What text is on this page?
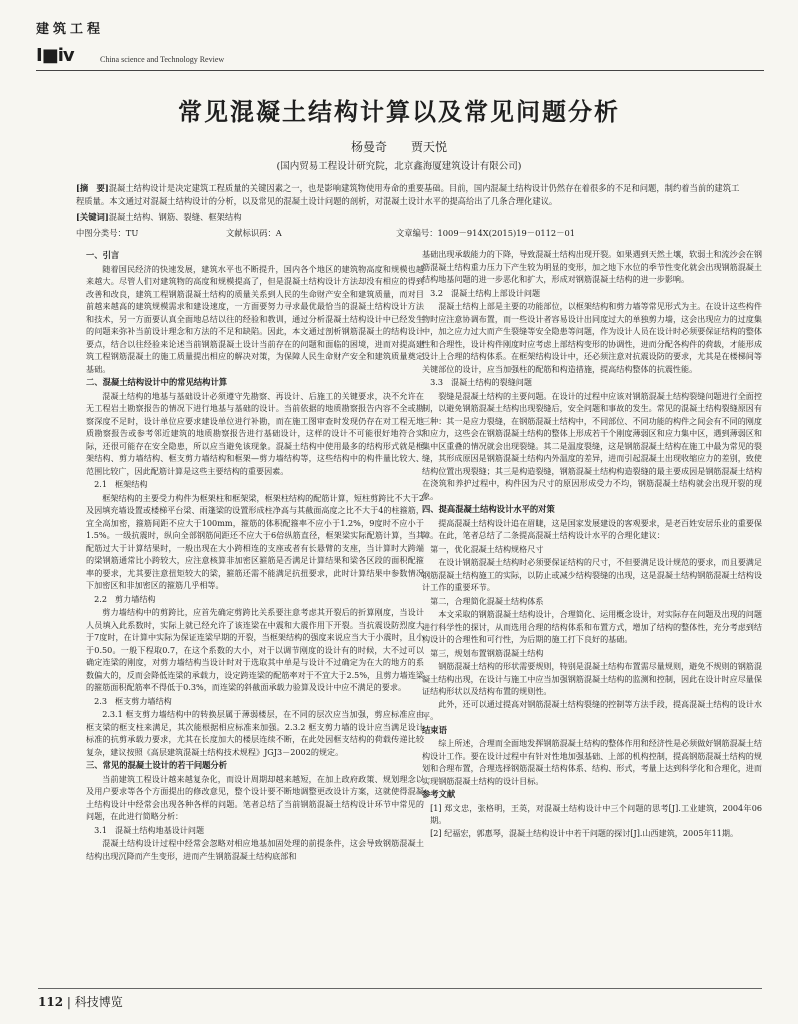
建筑工程
I■iv	China science and Technology Review
常见混凝土结构计算以及常见问题分析
杨曼奇　　贾天悦
(国内贸易工程设计研究院，北京鑫海厦建筑设计有限公司)
[摘　要]混凝土结构设计是决定建筑工程质量的关键因素之一，也是影响建筑物使用寿命的重要基础。目前，国内混凝土结构设计仍然存在着很多的不足和问题，制约着当前的建筑工程质量。本文通过对混凝土结构设计的分析，以及常见的混凝土设计问题的剖析，对混凝土设计水平的提高给出了几条合理化建议。
[关键词]混凝土结构、钢筋、裂缝、框架结构
中图分类号：TU	文献标识码：A	文章编号：1009－914X(2015)19－0112－01
一、引言

随着国民经济的快速发展，建筑水平也不断提升，国内各个地区的建筑物高度和规模也越来越大。尽管人们对建筑物的高度和规模提高了，但是混凝土结构设计方法却没有相应的得到改善和改良，建筑工程钢筋混凝土结构的质量关系到人民的生命财产安全和建筑质量，而对目前越来越高的建筑规模需求和建设速度，一方面要努力寻求最优最恰当的混凝土结构设计方法和技术，另一方面要认真全面地总结以往的经验和教训，通过分析混凝土结构设计中已经发生的问题来弥补当前设计理念和方法的不足和缺陷。因此，本文通过剖析钢筋混凝土的结构设计要点，结合以往经验来论述当前钢筋混凝土设计当前存在的问题和面临的困境，进而对提高建筑工程钢筋混凝土的施工质量提出相应的解决对策，为保障人民生命财产安全和建筑质量奠定基础。

二、混凝土结构设计中的常见结构计算

混凝土结构的地基与基础设计必须遵守先勘察、再设计、后施工的关键要求，决不允许在无工程岩土勘察报告的情况下进行地基与基础的设计。当前依据的地质勘察报告内容不全或勘察深度不足时，设计单位应要求建设单位进行补勘，而在施工图审查时发现仍存在对工程无地质勘察报告或参考邻近建筑的地质勘察报告进行基础设计，这样的设计不可能很好地符合实际，还很可能存在安全隐患，所以应当避免该现象。混凝土结构中使用最多的结构形式就是框架结构、剪力墙结构、框支剪力墙结构和框架—剪力墙结构等，这些结构中的构件量比较大、范围比较广，因此配筋计算是这些主要结构的重要因素。

2.1　框架结构

框架结构的主要受力构件为框架柱和框架梁，框架柱结构的配筋计算，短柱剪跨比不大于2及因填充墙设置或楼梯平台梁、雨篷梁的设置形成柱净高与其截面高度之比不大于4的柱箍筋，宜全高加密，箍筋间距不应大于100mm，箍筋的体积配箍率不应小于1.2%，9度时不应小于1.5%。一级抗震时，纵向全部钢筋间距还不应大于6倍纵筋直径，框架梁实际配筋计算，当其配筋过大于计算结果时，一般出现在大小跨相连的支座或者有长悬臂的支座，当计算时大跨端的梁钢筋通常比小跨较大，应注意核算非加密区箍筋是否满足计算结果和梁各区段的面积配箍率的要求，尤其要注意扭矩较大的梁，箍筋还需不能满足抗扭要求，此时计算结果中参数情况下加密区和非加密区的箍筋几乎相等。

2.2　剪力墙结构

剪力墙结构中的剪跨比，应首先确定剪跨比关系要注意考虑其开裂后的折算刚度，当设计人员填入此系数时，实际上就已经允许了该连梁在中震和大震作用下开裂。当抗震设防烈度大于7度时，在计算中实际为保证连梁早期的开裂，当框架结构的强度来说应当大于小震时，且小于0.50。一般下程取0.7，在这个系数的大小，对于以调节刚度的设计有的时候，大不过可以确定连梁的刚度，对剪力墙结构当设计时对于选取其中单是与设计不过确定为在大的地方的系数偏大的，反而会降低连梁的承载力，设定跨连梁的配筋率对于不宜大于2.5%，且剪力墙连梁的箍筋面积配筋率不得低于0.3%，而连梁的斜截面承载力验算及设计中应不满足的要求。

2.3　框支剪力墙结构

2.3.1 框支剪力墙结构中的转换层属于薄弱楼层，在不同的层次应当加强，剪应标准应由框支梁的框支柱来满足，其次能根据相应标准来加强。2.3.2 框支剪力墙的设计应当满足设计标准的抗剪承载力要求，尤其在长度加大的楼层连续不断，在此处因框支结构的荷载传递比较复杂，建议按照《高层建筑混凝土结构技术规程》JGJ3－2002的规定。

三、常见的混凝土设计的若干问题分析

当前建筑工程设计越来越复杂化，而设计周期却越来越短，在加上政府政策、规划理念以及用户要求等各个方面提出的修改意见，整个设计要不断地调整更改设计方案，这就使得混凝土结构设计中经常会出现各种各样的问题。笔者总结了当前钢筋混凝土结构设计环节中常见的问题，在此进行简略分析：

3.1　混凝土结构地基设计问题

混凝土结构设计过程中经常会忽略对相应地基加固处理的前提条件，这会导致钢筋混凝土结构出现沉降而产生变形，进而产生钢筋混凝土结构底部和

基础出现承载能力的下降，导致混凝土结构出现开裂。如果遇到天然土壤，软弱土和流沙会在钢筋混凝土结构重力压力下产生较为明显的变形，加之地下水位的季节性变化就会出现钢筋混凝土结构地基问题的进一步恶化和扩大，形成对钢筋混凝土结构的进一步影响。

3.2　混凝土结构上部设计问题

混凝土结构上部是主要的功能部位，以框架结构和剪力墙等常见形式为主。在设计这些构件物时应注意协调布置，而一些设计者容易设计出同度过大的单独剪力墙，这会出现应力的过度集中，加之应力过大而产生裂缝等安全隐患等问题，作为设计人员在设计时必须要保证结构的整体性和合理性，设计构件刚度时应考虑上部结构变形的协调性，进而分配各构件的荷载，才能形成设计上合理的结构体系。在框架结构设计中，还必须注意对抗震设防的要求，尤其是在楼梯间等关键部位的设计，应当加强柱的配筋和构造措施，提高结构整体的抗震性能。

3.3　混凝土结构的裂缝问题

裂缝是混凝土结构的主要问题。在设计的过程中应该对钢筋混凝土结构裂缝问题进行全面控制，以避免钢筋混凝土结构出现裂缝后，安全问题和事故的发生。常见的混凝土结构裂缝原因有三种：其一是应力裂缝，在钢筋混凝土结构中，不同部位、不同功能的构件之间会有不同的刚度和应力，这些会在钢筋混凝土结构的整体上形成若干个刚度薄弱区和应力集中区，遇到薄弱区和集中区重叠的情况就会出现裂缝。其二是温度裂缝，这是钢筋混凝土结构在施工中最为常见的裂缝，其形成原因是钢筋混凝土结构内外温度的差异，进而引起混凝土出现收缩应力的差别，致使结构位置出现裂缝；其三是构造裂缝，钢筋混凝土结构构造裂缝的最主要成因是钢筋混凝土结构在浇筑和养护过程中，构件因为尺寸的原因形成受力不均，钢筋混凝土结构就会出现开裂的现象。

四、提高混凝土结构设计水平的对策

提高混凝土结构设计追在眉睫，这是国家发展建设的客观要求，是老百姓安居乐业的重要保障。在此，笔者总结了二条提高混凝土结构设计水平的合理化建议：

第一，优化混凝土结构规格尺寸

在设计钢筋混凝土结构时必须要保证结构的尺寸，不但要满足设计规范的要求，而且要满足钢筋混凝土结构施工的实际，以防止或减少结构裂缝的出现，这是混凝土结构钢筋混凝土结构设计工作的重要环节。

第二，合理简化混凝土结构体系

本文采取的钢筋混凝土结构设计，合理简化、运用概念设计，对实际存在问题及出现的问题进行科学性的探讨，从而选用合理的结构体系和布置方式，增加了结构的整体性，充分考虑到结构设计的合理性和可行性，为后期的施工打下良好的基础。

第三，规划布置钢筋混凝土结构

钢筋混凝土结构的形状需要规则，特别是混凝土结构布置需尽量规则，避免不规则的钢筋混凝土结构出现，在设计与施工中应当加强钢筋混凝土结构的监测和控制，因此在设计时应尽量保证结构形状以及结构布置的规则性。

此外，还可以通过提高对钢筋混凝土结构裂缝的控制等方法手段，提高混凝土结构的设计水平。

结束语

综上所述，合理而全面地发挥钢筋混凝土结构的整体作用和经济性是必须做好钢筋混凝土结构设计工作。要在设计过程中有针对性地加强基础、上部的机构控制，提高钢筋混凝土结构的规划和合理布置，合理选择钢筋混凝土结构体系、结构、形式，考量上达到科学化和合理化，进而实现钢筋混凝土结构的设计目标。

参考文献

[1] 郑文忠，张格明，王英，对混凝土结构设计中三个问题的思考[J].工业建筑，2004年06期。

[2] 纪福宏，郭惠琴，混凝土结构设计中若干问题的探讨[J].山西建筑，2005年11期。

112 | 科技博览
